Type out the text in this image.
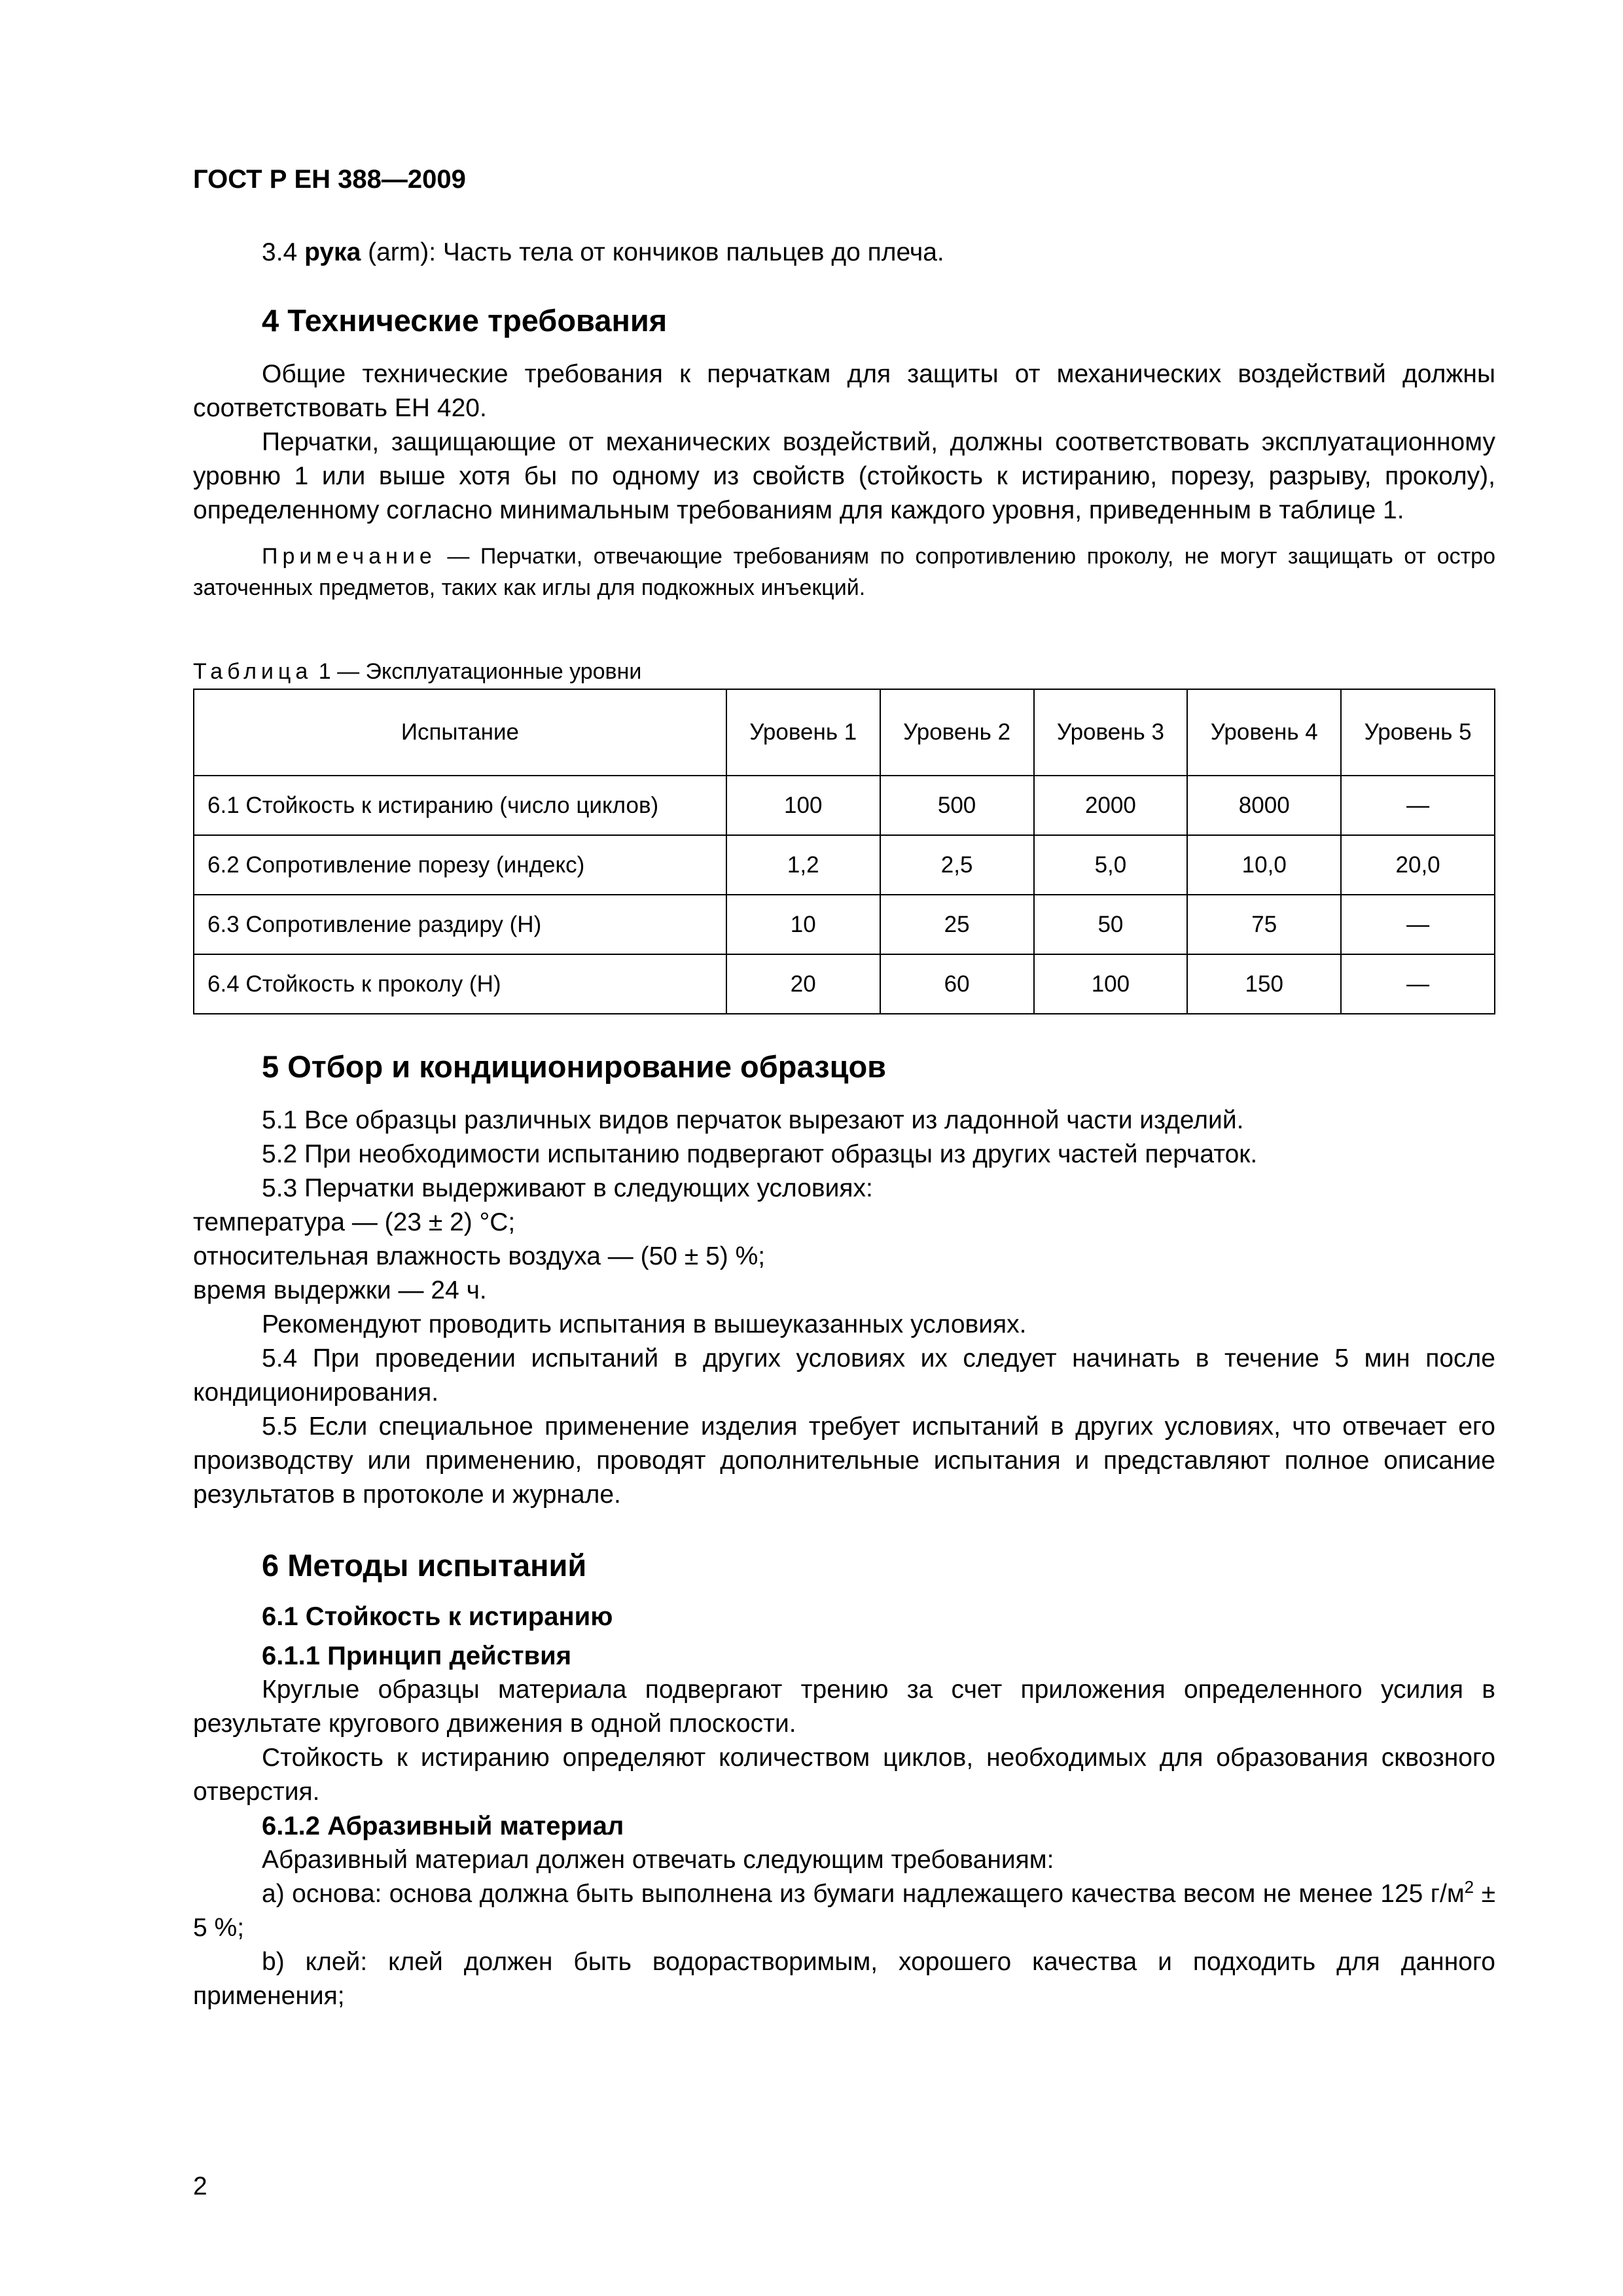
ГОСТ Р ЕН 388—2009

3.4 рука (arm): Часть тела от кончиков пальцев до плеча.

4 Технические требования

Общие технические требования к перчаткам для защиты от механических воздействий должны соответствовать ЕН 420.

Перчатки, защищающие от механических воздействий, должны соответствовать эксплуатационному уровню 1 или выше хотя бы по одному из свойств (стойкость к истиранию, порезу, разрыву, проколу), определенному согласно минимальным требованиям для каждого уровня, приведенным в таблице 1.

Примечание — Перчатки, отвечающие требованиям по сопротивлению проколу, не могут защищать от остро заточенных предметов, таких как иглы для подкожных инъекций.

Таблица 1 — Эксплуатационные уровни

Испытание	Уровень 1	Уровень 2	Уровень 3	Уровень 4	Уровень 5
6.1 Стойкость к истиранию (число циклов)	100	500	2000	8000	—
6.2 Сопротивление порезу (индекс)	1,2	2,5	5,0	10,0	20,0
6.3 Сопротивление раздиру (Н)	10	25	50	75	—
6.4 Стойкость к проколу (Н)	20	60	100	150	—
5 Отбор и кондиционирование образцов

5.1 Все образцы различных видов перчаток вырезают из ладонной части изделий.

5.2 При необходимости испытанию подвергают образцы из других частей перчаток.

5.3 Перчатки выдерживают в следующих условиях:

температура — (23 ± 2) °С;

относительная влажность воздуха — (50 ± 5) %;

время выдержки — 24 ч.

Рекомендуют проводить испытания в вышеуказанных условиях.

5.4 При проведении испытаний в других условиях их следует начинать в течение 5 мин после кондиционирования.

5.5 Если специальное применение изделия требует испытаний в других условиях, что отвечает его производству или применению, проводят дополнительные испытания и представляют полное описание результатов в протоколе и журнале.

6 Методы испытаний
6.1 Стойкость к истиранию
6.1.1 Принцип действия

Круглые образцы материала подвергают трению за счет приложения определенного усилия в результате кругового движения в одной плоскости.

Стойкость к истиранию определяют количеством циклов, необходимых для образования сквозного отверстия.

6.1.2 Абразивный материал

Абразивный материал должен отвечать следующим требованиям:

а) основа: основа должна быть выполнена из бумаги надлежащего качества весом не менее 125 $г/м^2 \pm 5$ %;

b) клей: клей должен быть водорастворимым, хорошего качества и подходить для данного применения;

2
